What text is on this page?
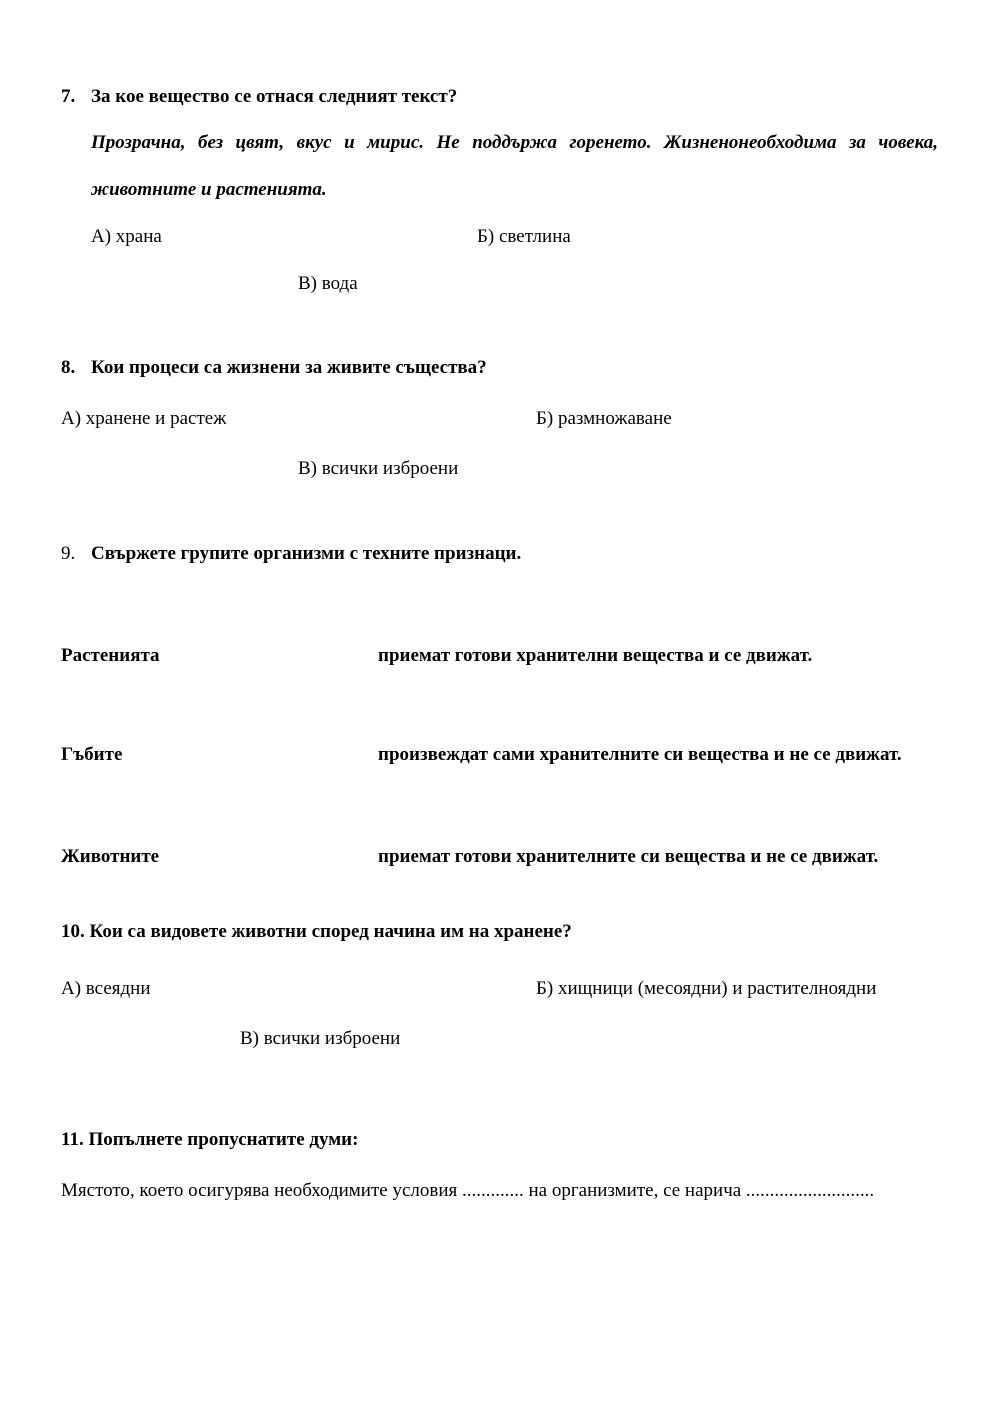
7. За кое вещество се отнася следният текст?
Прозрачна, без цвят, вкус и мирис. Не поддържа горенето. Жизненонеобходима за човека,
животните и растенията.
А) храна	Б) светлина
В) вода
8. Кои процеси са жизнени за живите същества?
А) хранене и растеж	Б) размножаване
В) всички изброени
9. Свържете групите организми с техните признаци.
Растенията	приемат готови хранителни вещества и се движат.
Гъбите	произвеждат сами хранителните си вещества и не се движат.
Животните	приемат готови хранителните си вещества и не се движат.
10. Кои са видовете животни според начина им на хранене?
А) всеядни	Б) хищници (месоядни) и растителноядни
В) всички изброени
11. Попълнете пропуснатите думи:
Мястото, което осигурява необходимите условия ............. на организмите, се нарича ...........................
